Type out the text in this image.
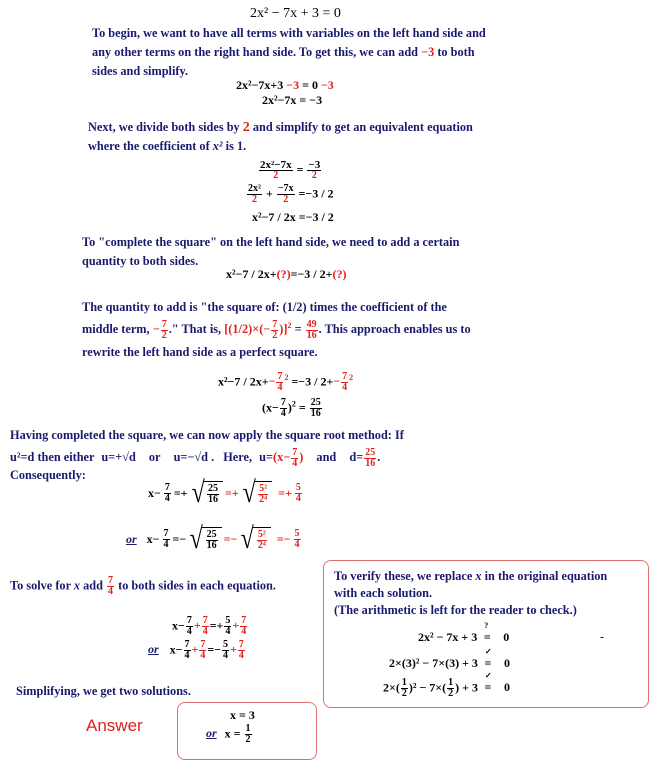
2x² − 7x + 3 = 0
To begin, we want to have all terms with variables on the left hand side and
any other terms on the right hand side. To get this, we can add −3 to both
sides and simplify.
2x²−7x+3 −3 = 0 −3
2x²−7x = −3
Next, we divide both sides by 2 and simplify to get an equivalent equation
where the coefficient of x² is 1.
$\frac{\text{2x²−7x}}{2} = \frac{-3}{2}$
$\frac{\text{2x²}}{2} + \frac{-7x}{2} =-3 / 2$
x²−7 / 2x =−3 / 2
To "complete the square" on the left hand side, we need to add a certain
quantity to both sides.
x²−7 / 2x+(?)=−3 / 2+(?)
The quantity to add is "the square of: (1/2) times the coefficient of the
middle term, − $\frac{7}{2}$ ." That is, $[(1/2)\times(- \frac{7}{2} )]^2 = \frac{49}{16}$ . This approach enables us to
rewrite the left hand side as a perfect square.
$x^2-7 / 2x+- \frac{7}{4} ^2 =-3 / 2+- \frac{7}{4} ^2$
$(x- \frac{7}{4} )^2 = \frac{25}{16}$
Having completed the square, we can now apply the square root method: If
u²=d then either u=+√d or u=−√d . Here, $u=(x- \frac{7}{4}$ ) and $d= \frac{25}{16}$ .
Consequently:
$x- \frac{7}{4}$ =+ √ $\frac{25}{16}$ =+ √ $\frac{\text{5²}}{\text{2⁴}} =+ \frac{5}{4}$
or $x- \frac{7}{4}$ =− √ $\frac{25}{16}$ =− √ $\frac{\text{5²}}{\text{2⁴}} =- \frac{5}{4}$
To solve for x add $\frac{7}{4}$ to both sides in each equation.
$x- \frac{7}{4} + \frac{7}{4} =+ \frac{5}{4} + \frac{7}{4}$
or $x- \frac{7}{4} + \frac{7}{4} =- \frac{5}{4} + \frac{7}{4}$
Simplifying, we get two solutions.
Answer
x = 3
or $x = \frac{1}{2}$
To verify these, we replace x in the original equation
with each solution.
(The arithmetic is left for the reader to check.)
2x² − 7x + 3 =
?
0	-
2×(3)² − 7×(3) + 3 =
✓
0
$2\times( \frac{1}{2} )^2 - 7\times( \frac{1}{2}$ ) + 3 =
✓
0
